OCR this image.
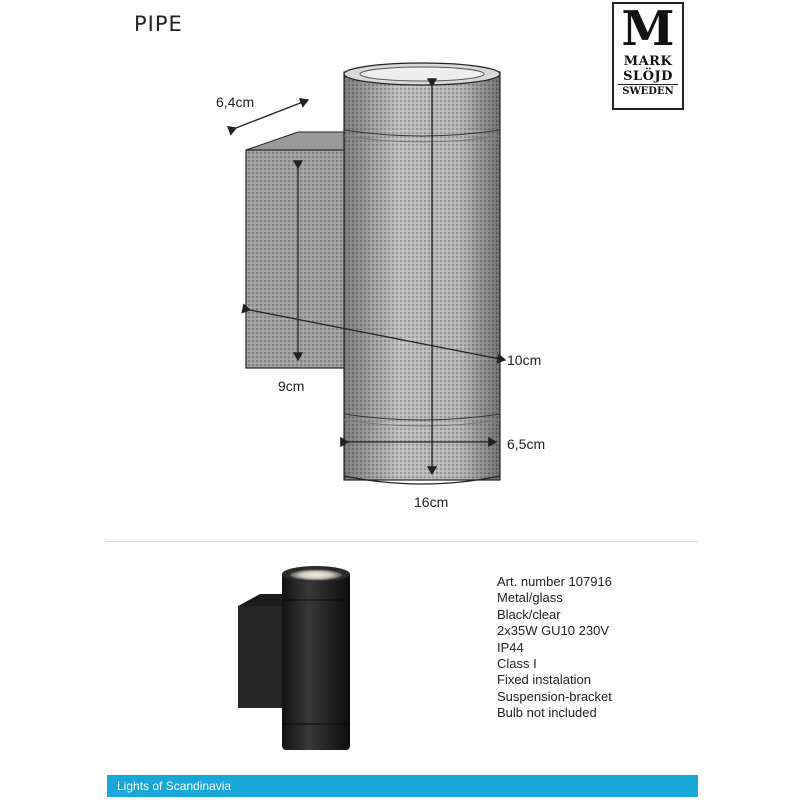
PIPE	M
MARK
SLÖJD
SWEDEN
6,4cm
9cm
10cm
6,5cm
16cm
Art. number 107916
Metal/glass
Black/clear
2x35W GU10 230V
IP44
Class I
Fixed instalation
Suspension-bracket
Bulb not included
Lights of Scandinavia
